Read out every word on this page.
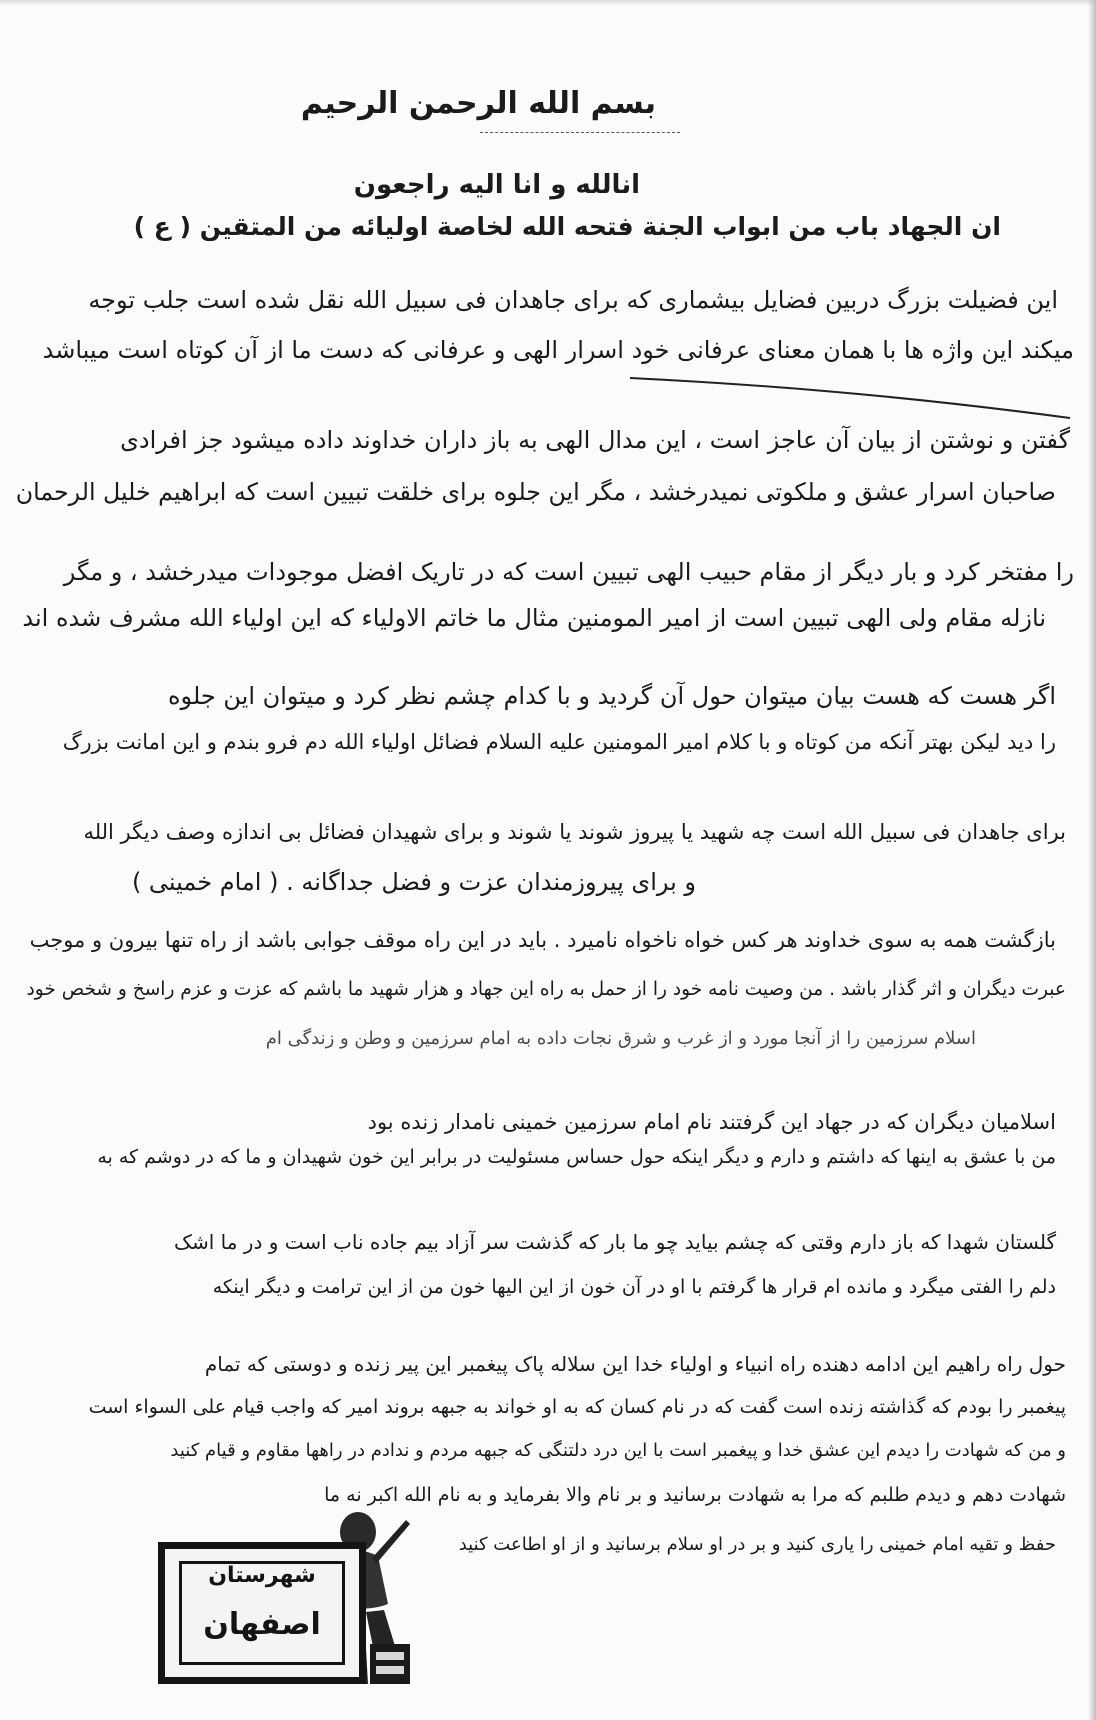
بسم الله الرحمن الرحیم
انالله و انا الیه راجعون
ان الجهاد باب من ابواب الجنة فتحه الله لخاصة اولیائه من المتقین ( ع )
این فضیلت بزرگ دربین فضایل بیشماری که برای جاهدان فی سبیل الله نقل شده است جلب توجه
میکند این واژه ها با همان معنای عرفانی خود اسرار الهی و عرفانی که دست ما از آن کوتاه است میباشد
گفتن و نوشتن از بیان آن عاجز است ، این مدال الهی به باز داران خداوند داده میشود جز افرادی
صاحبان اسرار عشق و ملکوتی نمیدرخشد ، مگر این جلوه برای خلقت تبیین است که ابراهیم خلیل الرحمان
را مفتخر کرد و بار دیگر از مقام حبیب الهی تبیین است که در تاریک افضل موجودات میدرخشد ، و مگر
نازله مقام ولی الهی تبیین است از امیر المومنین مثال ما خاتم الاولیاء که این اولیاء الله مشرف شده اند
اگر هست که هست بیان میتوان حول آن گردید و با کدام چشم نظر کرد و میتوان این جلوه
را دید لیکن بهتر آنکه من کوتاه و با کلام امیر المومنین علیه السلام فضائل اولیاء الله دم فرو بندم و این امانت بزرگ
برای جاهدان فی سبیل الله است چه شهید یا پیروز شوند یا شوند و برای شهیدان فضائل بی اندازه وصف دیگر الله
و برای پیروزمندان عزت و فضل جداگانه . ( امام خمینی )
بازگشت همه به سوی خداوند هر کس خواه ناخواه نامیرد . باید در این راه موقف جوابی باشد از راه تنها بیرون و موجب
عبرت دیگران و اثر گذار باشد . من وصیت نامه خود را از حمل به راه این جهاد و هزار شهید ما باشم که عزت و عزم راسخ و شخص خود
اسلام سرزمین را از آنجا مورد و از غرب و شرق نجات داده به امام سرزمین و وطن و زندگی ام
اسلامیان دیگران که در جهاد این گرفتند نام امام سرزمین خمینی نامدار زنده بود
من با عشق به اینها که داشتم و دارم و دیگر اینکه حول حساس مسئولیت در برابر این خون شهیدان و ما که در دوشم که به
گلستان شهدا که باز دارم وقتی که چشم بیاید چو ما بار که گذشت سر آزاد بیم جاده ناب است و در ما اشک
دلم را الفتی میگرد و مانده ام قرار ها گرفتم با او در آن خون از این الیها خون من از این ترامت و دیگر اینکه
حول راه راهیم این ادامه دهنده راه انبیاء و اولیاء خدا این سلاله پاک پیغمبر این پیر زنده و دوستی که تمام
پیغمبر را بودم که گذاشته زنده است گفت که در نام کسان که به او خواند به جبهه بروند امیر که واجب قیام علی السواء است
و من که شهادت را دیدم این عشق خدا و پیغمبر است با این درد دلتنگی که جبهه مردم و ندادم در راهها مقاوم و قیام کنید
شهادت دهم و دیدم طلبم که مرا به شهادت برسانید و بر نام والا بفرماید و به نام الله اکبر نه ما
حفظ و تقیه امام خمینی را یاری کنید و بر در او سلام برسانید و از او اطاعت کنید
شهرستان
اصفهان
